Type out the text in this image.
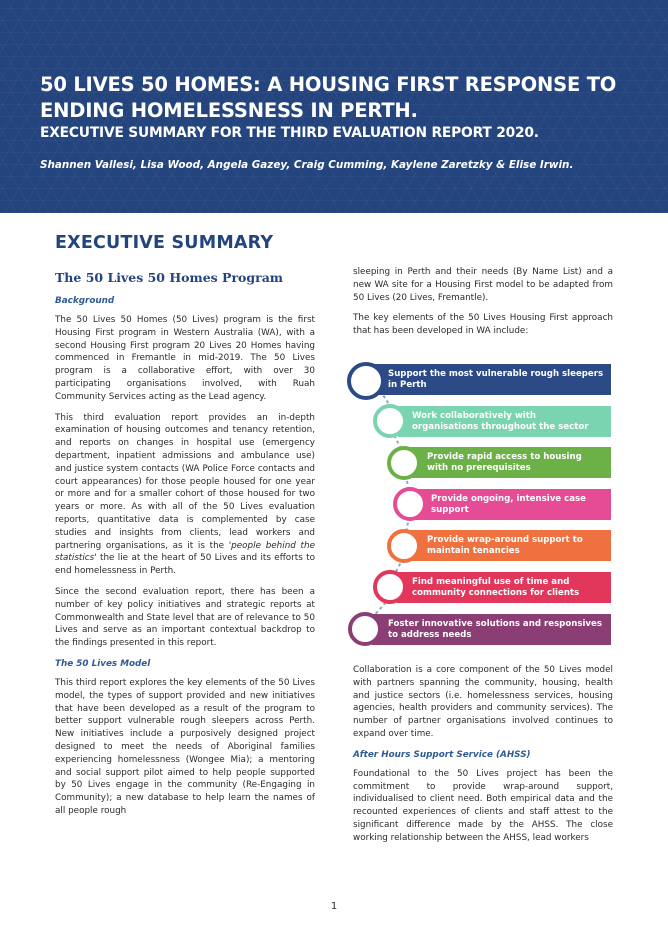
50 LIVES 50 HOMES: A HOUSING FIRST RESPONSE TO ENDING HOMELESSNESS IN PERTH.
EXECUTIVE SUMMARY FOR THE THIRD EVALUATION REPORT 2020.

Shannen Vallesi, Lisa Wood, Angela Gazey, Craig Cumming, Kaylene Zaretzky & Elise Irwin.

EXECUTIVE SUMMARY
The 50 Lives 50 Homes Program
Background

The 50 Lives 50 Homes (50 Lives) program is the first Housing First program in Western Australia (WA), with a second Housing First program 20 Lives 20 Homes having commenced in Fremantle in mid-2019. The 50 Lives program is a collaborative effort, with over 30 participating organisations involved, with Ruah Community Services acting as the Lead agency.

This third evaluation report provides an in-depth examination of housing outcomes and tenancy retention, and reports on changes in hospital use (emergency department, inpatient admissions and ambulance use) and justice system contacts (WA Police Force contacts and court appearances) for those people housed for one year or more and for a smaller cohort of those housed for two years or more. As with all of the 50 Lives evaluation reports, quantitative data is complemented by case studies and insights from clients, lead workers and partnering organisations, as it is the 'people behind the statistics' the lie at the heart of 50 Lives and its efforts to end homelessness in Perth.

Since the second evaluation report, there has been a number of key policy initiatives and strategic reports at Commonwealth and State level that are of relevance to 50 Lives and serve as an important contextual backdrop to the findings presented in this report.

The 50 Lives Model

This third report explores the key elements of the 50 Lives model, the types of support provided and new initiatives that have been developed as a result of the program to better support vulnerable rough sleepers across Perth. New initiatives include a purposively designed project designed to meet the needs of Aboriginal families experiencing homelessness (Wongee Mia); a mentoring and social support pilot aimed to help people supported by 50 Lives engage in the community (Re-Engaging in Community); a new database to help learn the names of all people rough

sleeping in Perth and their needs (By Name List) and a new WA site for a Housing First model to be adapted from 50 Lives (20 Lives, Fremantle).

The key elements of the 50 Lives Housing First approach that has been developed in WA include:

Support the most vulnerable rough sleepers in Perth
Work collaboratively with organisations throughout the sector
Provide rapid access to housing with no prerequisites
Provide ongoing, intensive case support
Provide wrap-around support to maintain tenancies
Find meaningful use of time and community connections for clients
Foster innovative solutions and responsives to address needs

Collaboration is a core component of the 50 Lives model with partners spanning the community, housing, health and justice sectors (i.e. homelessness services, housing agencies, health providers and community services). The number of partner organisations involved continues to expand over time.

After Hours Support Service (AHSS)

Foundational to the 50 Lives project has been the commitment to provide wrap-around support, individualised to client need. Both empirical data and the recounted experiences of clients and staff attest to the significant difference made by the AHSS. The close working relationship between the AHSS, lead workers

1
